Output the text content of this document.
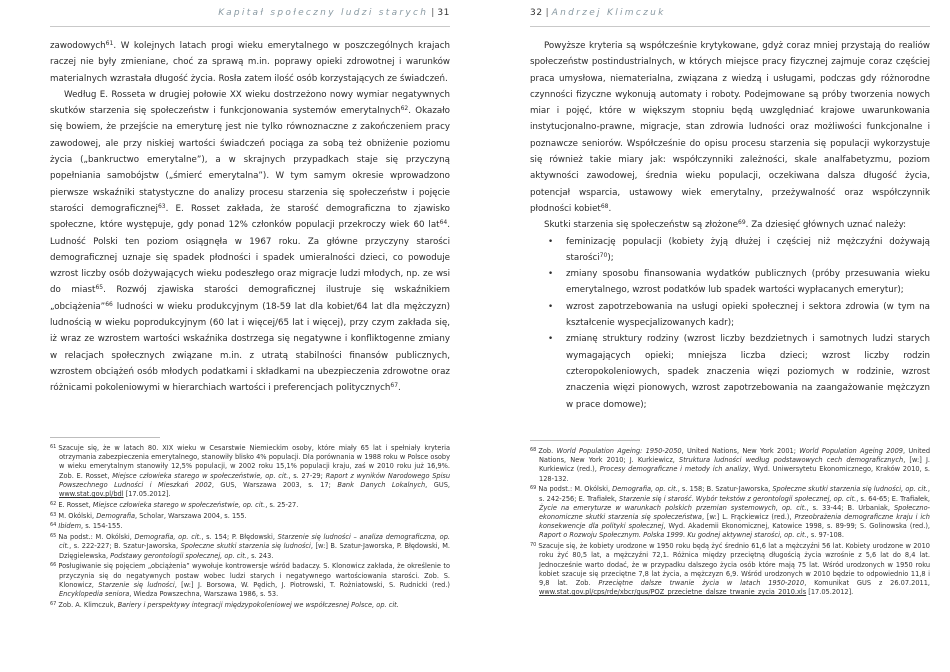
Kapitał społeczny ludzi starych | 31

zawodowych$^{61}$. W kolejnych latach progi wieku emerytalnego w poszczególnych krajach raczej nie były zmieniane, choć za sprawą m.in. poprawy opieki zdrowotnej i warunków materialnych wzrastała długość życia. Rosła zatem ilość osób korzystających ze świadczeń.

Według E. Rosseta w drugiej połowie XX wieku dostrzeżono nowy wymiar negatywnych skutków starzenia się społeczeństw i funkcjonowania systemów emerytalnych$^{62}$. Okazało się bowiem, że przejście na emeryturę jest nie tylko równoznaczne z zakończeniem pracy zawodowej, ale przy niskiej wartości świadczeń pociąga za sobą też obniżenie poziomu życia („bankructwo emerytalne”), a w skrajnych przypadkach staje się przyczyną popełniania samobójstw („śmierć emerytalna”). W tym samym okresie wprowadzono pierwsze wskaźniki statystyczne do analizy procesu starzenia się społeczeństw i pojęcie starości demograficznej$^{63}$. E. Rosset zakłada, że starość demograficzna to zjawisko społeczne, które występuje, gdy ponad 12% członków populacji przekroczy wiek 60 lat$^{64}$. Ludność Polski ten poziom osiągnęła w 1967 roku. Za główne przyczyny starości demograficznej uznaje się spadek płodności i spadek umieralności dzieci, co powoduje wzrost liczby osób dożywających wieku podeszłego oraz migracje ludzi młodych, np. ze wsi do miast$^{65}$. Rozwój zjawiska starości demograficznej ilustruje się wskaźnikiem „obciążenia”$^{66}$ ludności w wieku produkcyjnym (18-59 lat dla kobiet/64 lat dla mężczyzn) ludnością w wieku poprodukcyjnym (60 lat i więcej/65 lat i więcej), przy czym zakłada się, iż wraz ze wzrostem wartości wskaźnika dostrzega się negatywne i konfliktogenne zmiany w relacjach społecznych związane m.in. z utratą stabilności finansów publicznych, wzrostem obciążeń osób młodych podatkami i składkami na ubezpieczenia zdrowotne oraz różnicami pokoleniowymi w hierarchiach wartości i preferencjach politycznych$^{67}$.

$^{61}$ Szacuje się, że w latach 80. XIX wieku w Cesarstwie Niemieckim osoby, które miały 65 lat i spełniały kryteria otrzymania zabezpieczenia emerytalnego, stanowiły blisko 4% populacji. Dla porównania w 1988 roku w Polsce osoby w wieku emerytalnym stanowiły 12,5% populacji, w 2002 roku 15,1% populacji kraju, zaś w 2010 roku już 16,9%. Zob. E. Rosset, Miejsce człowieka starego w społeczeństwie, op. cit., s. 27-29; Raport z wyników Narodowego Spisu Powszechnego Ludności i Mieszkań 2002, GUS, Warszawa 2003, s. 17; Bank Danych Lokalnych, GUS, www.stat.gov.pl/bdl [17.05.2012].
$^{62}$ E. Rosset, Miejsce człowieka starego w społeczeństwie, op. cit., s. 25-27.
$^{63}$ M. Okólski, Demografia, Scholar, Warszawa 2004, s. 155.
$^{64}$ Ibidem, s. 154-155.
$^{65}$ Na podst.: M. Okólski, Demografia, op. cit., s. 154; P. Błędowski, Starzenie się ludności – analiza demograficzna, op. cit., s. 222-227; B. Szatur-Jaworska, Społeczne skutki starzenia się ludności, [w:] B. Szatur-Jaworska, P. Błędowski, M. Dzięgielewska, Podstawy gerontologii społecznej, op. cit., s. 243.
$^{66}$ Posługiwanie się pojęciem „obciążenia” wywołuje kontrowersje wśród badaczy. S. Klonowicz zakłada, że określenie to przyczynia się do negatywnych postaw wobec ludzi starych i negatywnego wartościowania starości. Zob. S. Klonowicz, Starzenie się ludności, [w:] J. Borsowa, W. Pędich, J. Piotrowski, T. Rożniatowski, S. Rudnicki (red.) Encyklopedia seniora, Wiedza Powszechna, Warszawa 1986, s. 53.
$^{67}$ Zob. A. Klimczuk, Bariery i perspektywy integracji międzypokoleniowej we współczesnej Polsce, op. cit.
32 | Andrzej Klimczuk

Powyższe kryteria są współcześnie krytykowane, gdyż coraz mniej przystają do realiów społeczeństw postindustrialnych, w których miejsce pracy fizycznej zajmuje coraz częściej praca umysłowa, niematerialna, związana z wiedzą i usługami, podczas gdy różnorodne czynności fizyczne wykonują automaty i roboty. Podejmowane są próby tworzenia nowych miar i pojęć, które w większym stopniu będą uwzględniać krajowe uwarunkowania instytucjonalno-prawne, migracje, stan zdrowia ludności oraz możliwości funkcjonalne i poznawcze seniorów. Współcześnie do opisu procesu starzenia się populacji wykorzystuje się również takie miary jak: współczynniki zależności, skale analfabetyzmu, poziom aktywności zawodowej, średnia wieku populacji, oczekiwana dalsza długość życia, potencjał wsparcia, ustawowy wiek emerytalny, przeżywalność oraz współczynnik płodności kobiet$^{68}$.

Skutki starzenia się społeczeństw są złożone$^{69}$. Za dziesięć głównych uznać należy:

• feminizację populacji (kobiety żyją dłużej i częściej niż mężczyźni dożywają starości$^{70}$);
• zmiany sposobu finansowania wydatków publicznych (próby przesuwania wieku emerytalnego, wzrost podatków lub spadek wartości wypłacanych emerytur);
• wzrost zapotrzebowania na usługi opieki społecznej i sektora zdrowia (w tym na kształcenie wyspecjalizowanych kadr);
• zmianę struktury rodziny (wzrost liczby bezdzietnych i samotnych ludzi starych wymagających opieki; mniejsza liczba dzieci; wzrost liczby rodzin czteropokoleniowych, spadek znaczenia więzi poziomych w rodzinie, wzrost znaczenia więzi pionowych, wzrost zapotrzebowania na zaangażowanie mężczyzn w prace domowe);
$^{68}$ Zob. World Population Ageing: 1950-2050, United Nations, New York 2001; World Population Ageing 2009, United Nations, New York 2010; J. Kurkiewicz, Struktura ludności według podstawowych cech demograficznych, [w:] J. Kurkiewicz (red.), Procesy demograficzne i metody ich analizy, Wyd. Uniwersytetu Ekonomicznego, Kraków 2010, s. 128-132.
$^{69}$ Na podst.: M. Okólski, Demografia, op. cit., s. 158; B. Szatur-Jaworska, Społeczne skutki starzenia się ludności, op. cit., s. 242-256; E. Trafiałek, Starzenie się i starość. Wybór tekstów z gerontologii społecznej, op. cit., s. 64-65; E. Trafiałek, Życie na emeryturze w warunkach polskich przemian systemowych, op. cit., s. 33-44; B. Urbaniak, Społeczno-ekonomiczne skutki starzenia się społeczeństwa, [w:] L. Frąckiewicz (red.), Przeobrażenia demograficzne kraju i ich konsekwencje dla polityki społecznej, Wyd. Akademii Ekonomicznej, Katowice 1998, s. 89-99; S. Golinowska (red.), Raport o Rozwoju Społecznym. Polska 1999. Ku godnej aktywnej starości, op. cit., s. 97-108.
$^{70}$ Szacuje się, że kobiety urodzone w 1950 roku będą żyć średnio 61,6 lat a mężczyźni 56 lat. Kobiety urodzone w 2010 roku żyć 80,5 lat, a mężczyźni 72,1. Różnica między przeciętną długością życia wzrośnie z 5,6 lat do 8,4 lat. Jednocześnie warto dodać, że w przypadku dalszego życia osób które mają 75 lat. Wśród urodzonych w 1950 roku kobiet szacuje się przeciętne 7,8 lat życia, a mężczyzn 6,9. Wśród urodzonych w 2010 będzie to odpowiednio 11,8 i 9,8 lat. Zob. Przeciętne dalsze trwanie życia w latach 1950-2010, Komunikat GUS z 26.07.2011, www.stat.gov.pl/cps/rde/xbcr/gus/POZ_przecietne_dalsze_trwanie_zycia_2010.xls [17.05.2012].
